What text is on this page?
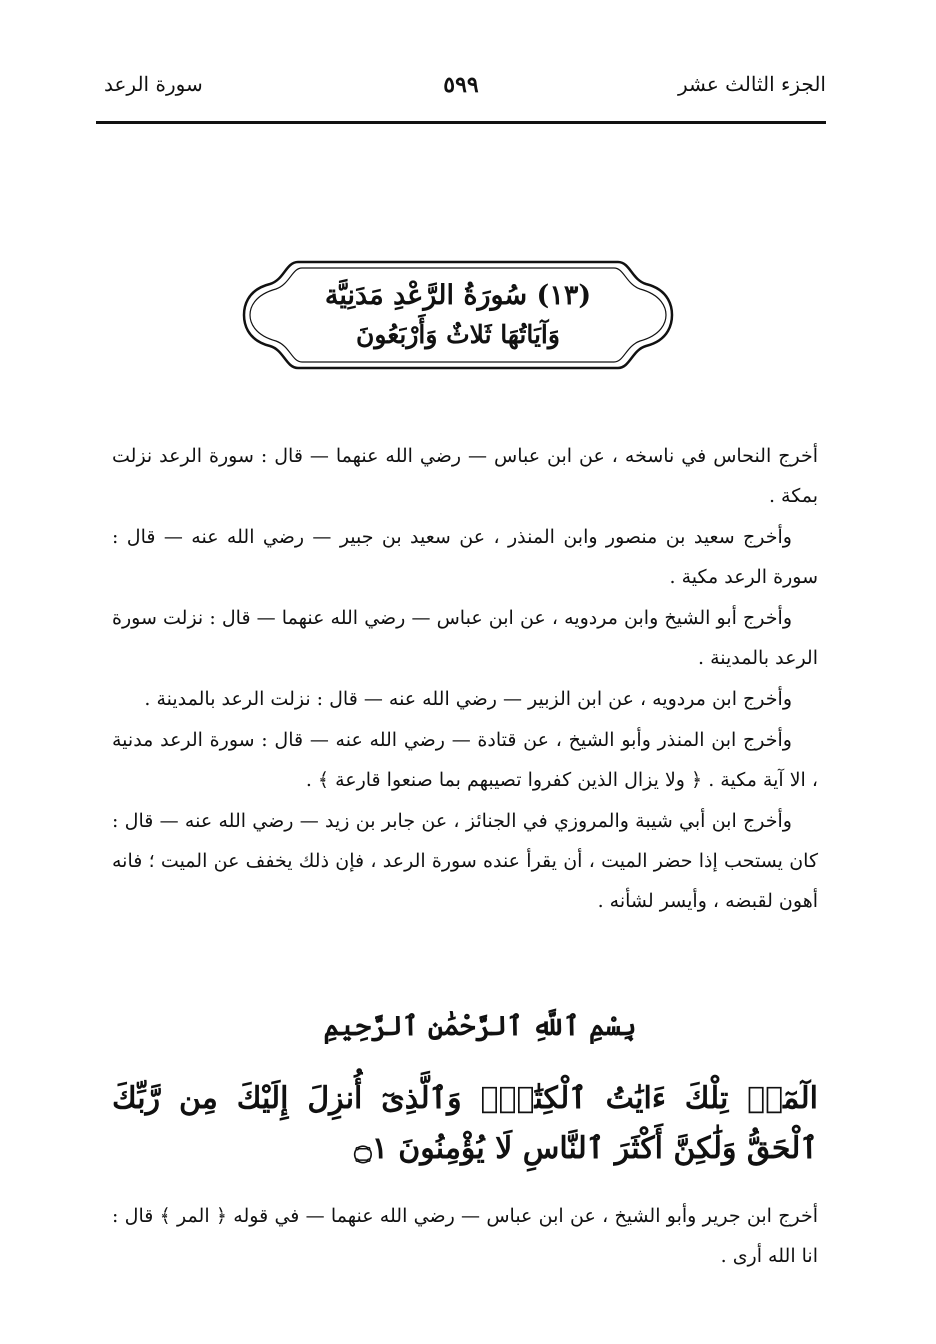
الجزء الثالث عشر
٥٩٩
سورة الرعد
(١٣) سُورَةُ الرَّعْدِ مَدَنِيَّة
وَآيَاتُهَا ثَلاثٌ وَأَرْبَعُونَ

أخرج النحاس في ناسخه ، عن ابن عباس — رضي الله عنهما — قال : سورة الرعد نزلت بمكة .

وأخرج سعيد بن منصور وابن المنذر ، عن سعيد بن جبير — رضي الله عنه — قال : سورة الرعد مكية .

وأخرج أبو الشيخ وابن مردويه ، عن ابن عباس — رضي الله عنهما — قال : نزلت سورة الرعد بالمدينة .

وأخرج ابن مردويه ، عن ابن الزبير — رضي الله عنه — قال : نزلت الرعد بالمدينة .

وأخرج ابن المنذر وأبو الشيخ ، عن قتادة — رضي الله عنه — قال : سورة الرعد مدنية ، الا آية مكية . ﴿ ولا يزال الذين كفروا تصيبهم بما صنعوا قارعة ﴾ .

وأخرج ابن أبي شيبة والمروزي في الجنائز ، عن جابر بن زيد — رضي الله عنه — قال : كان يستحب إذا حضر الميت ، أن يقرأ عنده سورة الرعد ، فإن ذلك يخفف عن الميت ؛ فانه أهون لقبضه ، وأيسر لشأنه .

بِسْمِ ٱللَّهِ ٱلرَّحْمَٰنِ ٱلرَّحِيمِ
الٓمٓرۚ تِلْكَ ءَايَٰتُ ٱلْكِتَٰبِۗ وَٱلَّذِىٓ أُنزِلَ إِلَيْكَ مِن رَّبِّكَ ٱلْحَقُّ وَلَٰكِنَّ أَكْثَرَ ٱلنَّاسِ لَا يُؤْمِنُونَ ۝١

أخرج ابن جرير وأبو الشيخ ، عن ابن عباس — رضي الله عنهما — في قوله ﴿ المر ﴾ قال : انا الله أرى .
